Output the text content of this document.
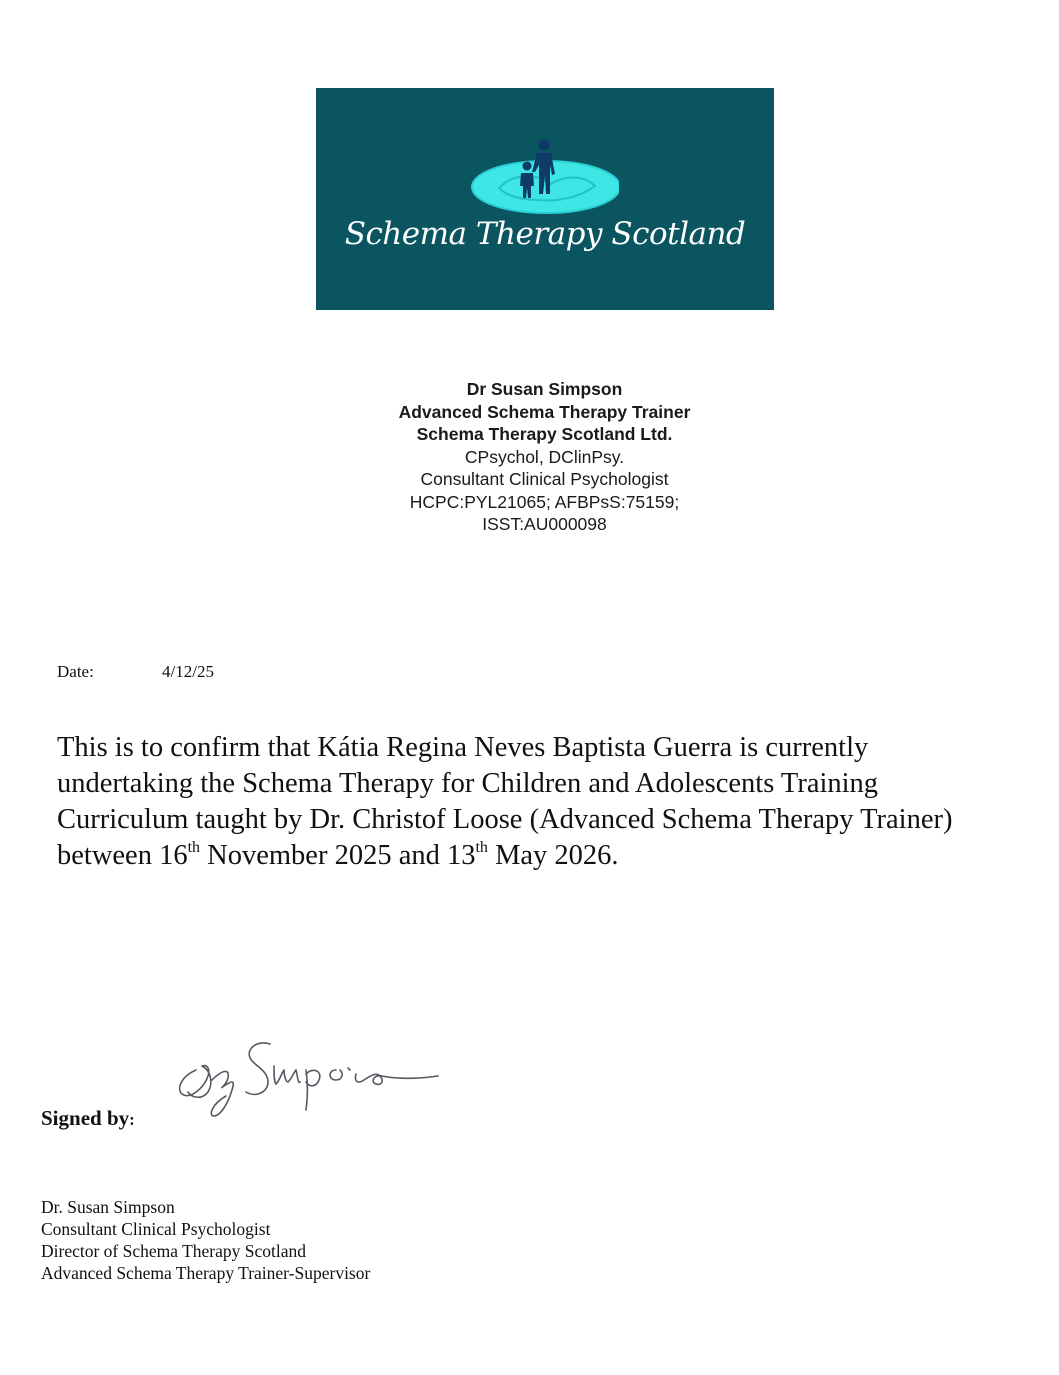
Schema Therapy Scotland
Dr Susan Simpson
Advanced Schema Therapy Trainer
Schema Therapy Scotland Ltd.
CPsychol, DClinPsy.
Consultant Clinical Psychologist
HCPC:PYL21065; AFBPsS:75159;
ISST:AU000098
Date:	4/12/25
This is to confirm that Kátia Regina Neves Baptista Guerra is currently
undertaking the Schema Therapy for Children and Adolescents Training
Curriculum taught by Dr. Christof Loose (Advanced Schema Therapy Trainer)
between 16th November 2025 and 13th May 2026.
Signed by:
Dr. Susan Simpson
Consultant Clinical Psychologist
Director of Schema Therapy Scotland
Advanced Schema Therapy Trainer-Supervisor
